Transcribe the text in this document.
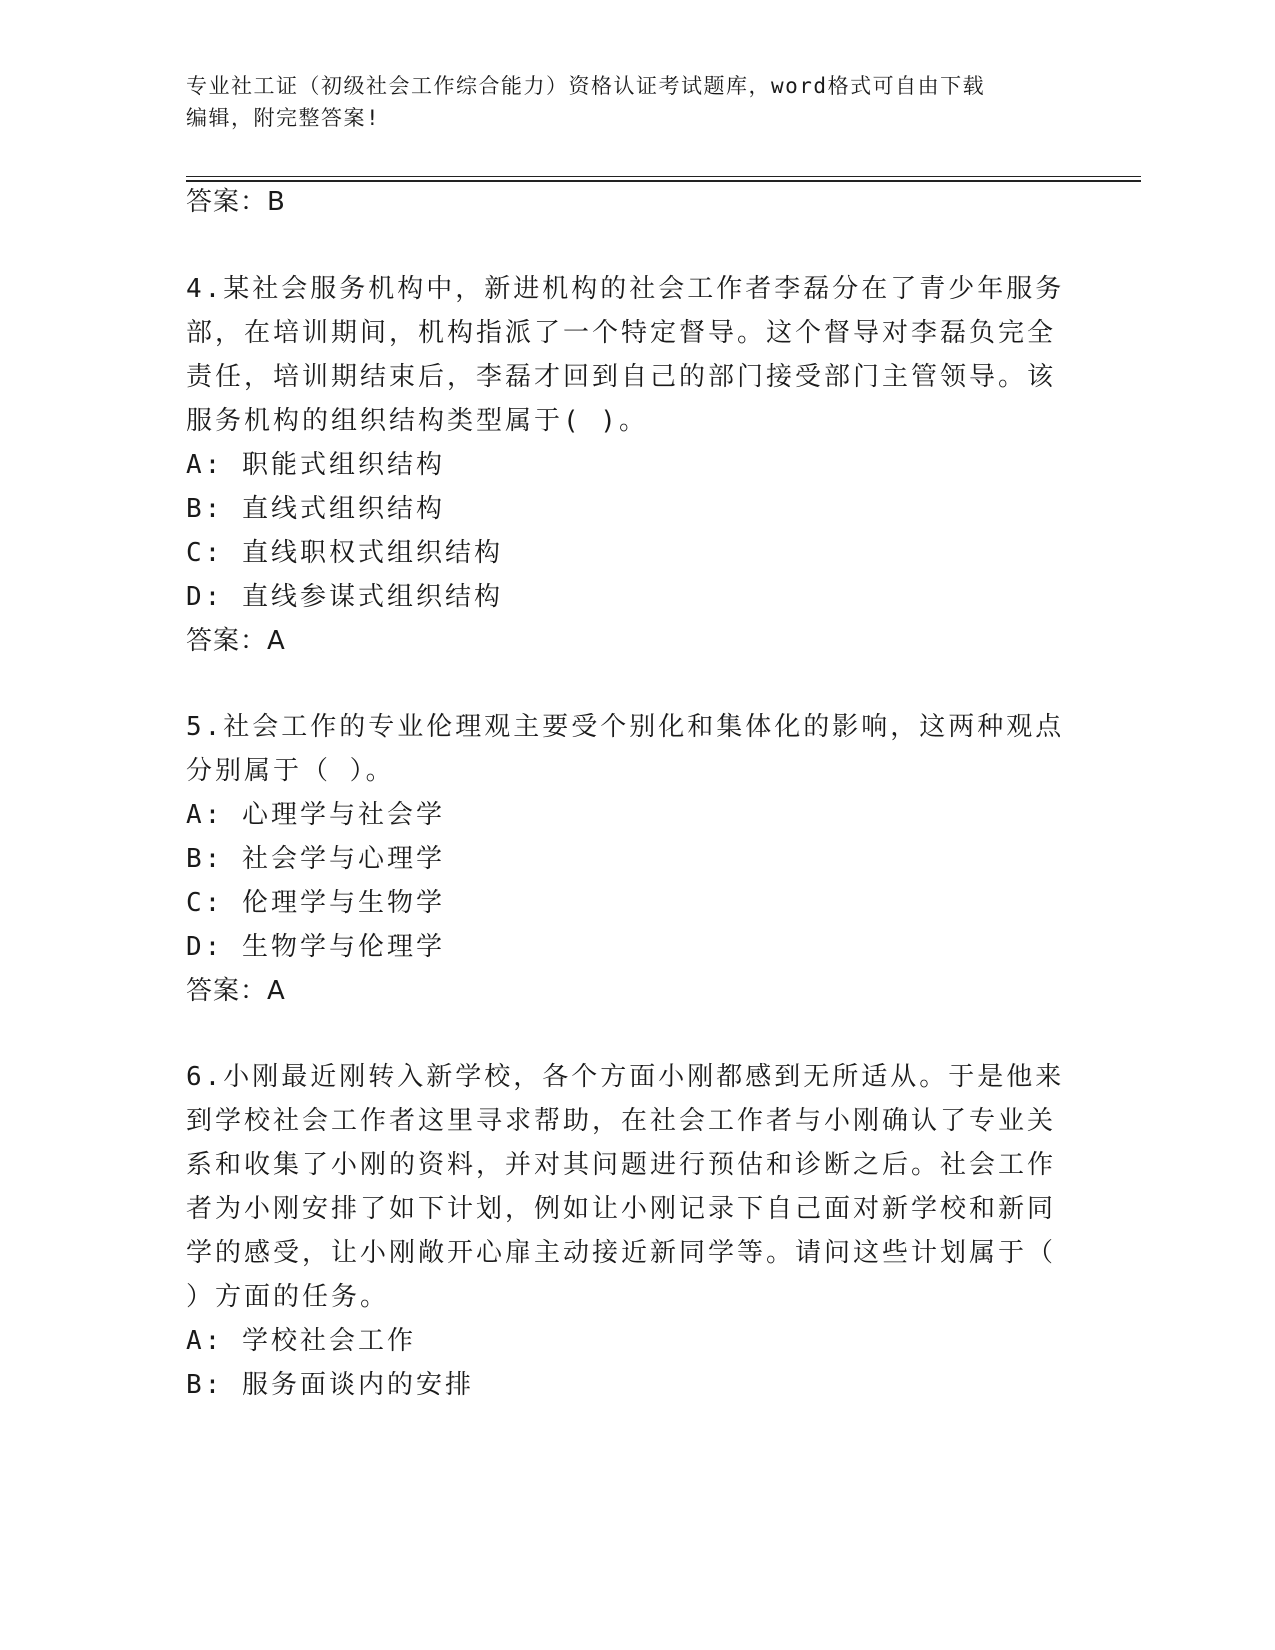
专业社工证（初级社会工作综合能力）资格认证考试题库，word格式可自由下载
编辑，附完整答案!
答案：B
4.某社会服务机构中，新进机构的社会工作者李磊分在了青少年服务
部，在培训期间，机构指派了一个特定督导。这个督导对李磊负完全
责任，培训期结束后，李磊才回到自己的部门接受部门主管领导。该
服务机构的组织结构类型属于( )。
A: 职能式组织结构
B: 直线式组织结构
C: 直线职权式组织结构
D: 直线参谋式组织结构
答案：A
5.社会工作的专业伦理观主要受个别化和集体化的影响，这两种观点
分别属于（ ）。
A: 心理学与社会学
B: 社会学与心理学
C: 伦理学与生物学
D: 生物学与伦理学
答案：A
6.小刚最近刚转入新学校，各个方面小刚都感到无所适从。于是他来
到学校社会工作者这里寻求帮助，在社会工作者与小刚确认了专业关
系和收集了小刚的资料，并对其问题进行预估和诊断之后。社会工作
者为小刚安排了如下计划，例如让小刚记录下自己面对新学校和新同
学的感受，让小刚敞开心扉主动接近新同学等。请问这些计划属于（
）方面的任务。
A: 学校社会工作
B: 服务面谈内的安排
